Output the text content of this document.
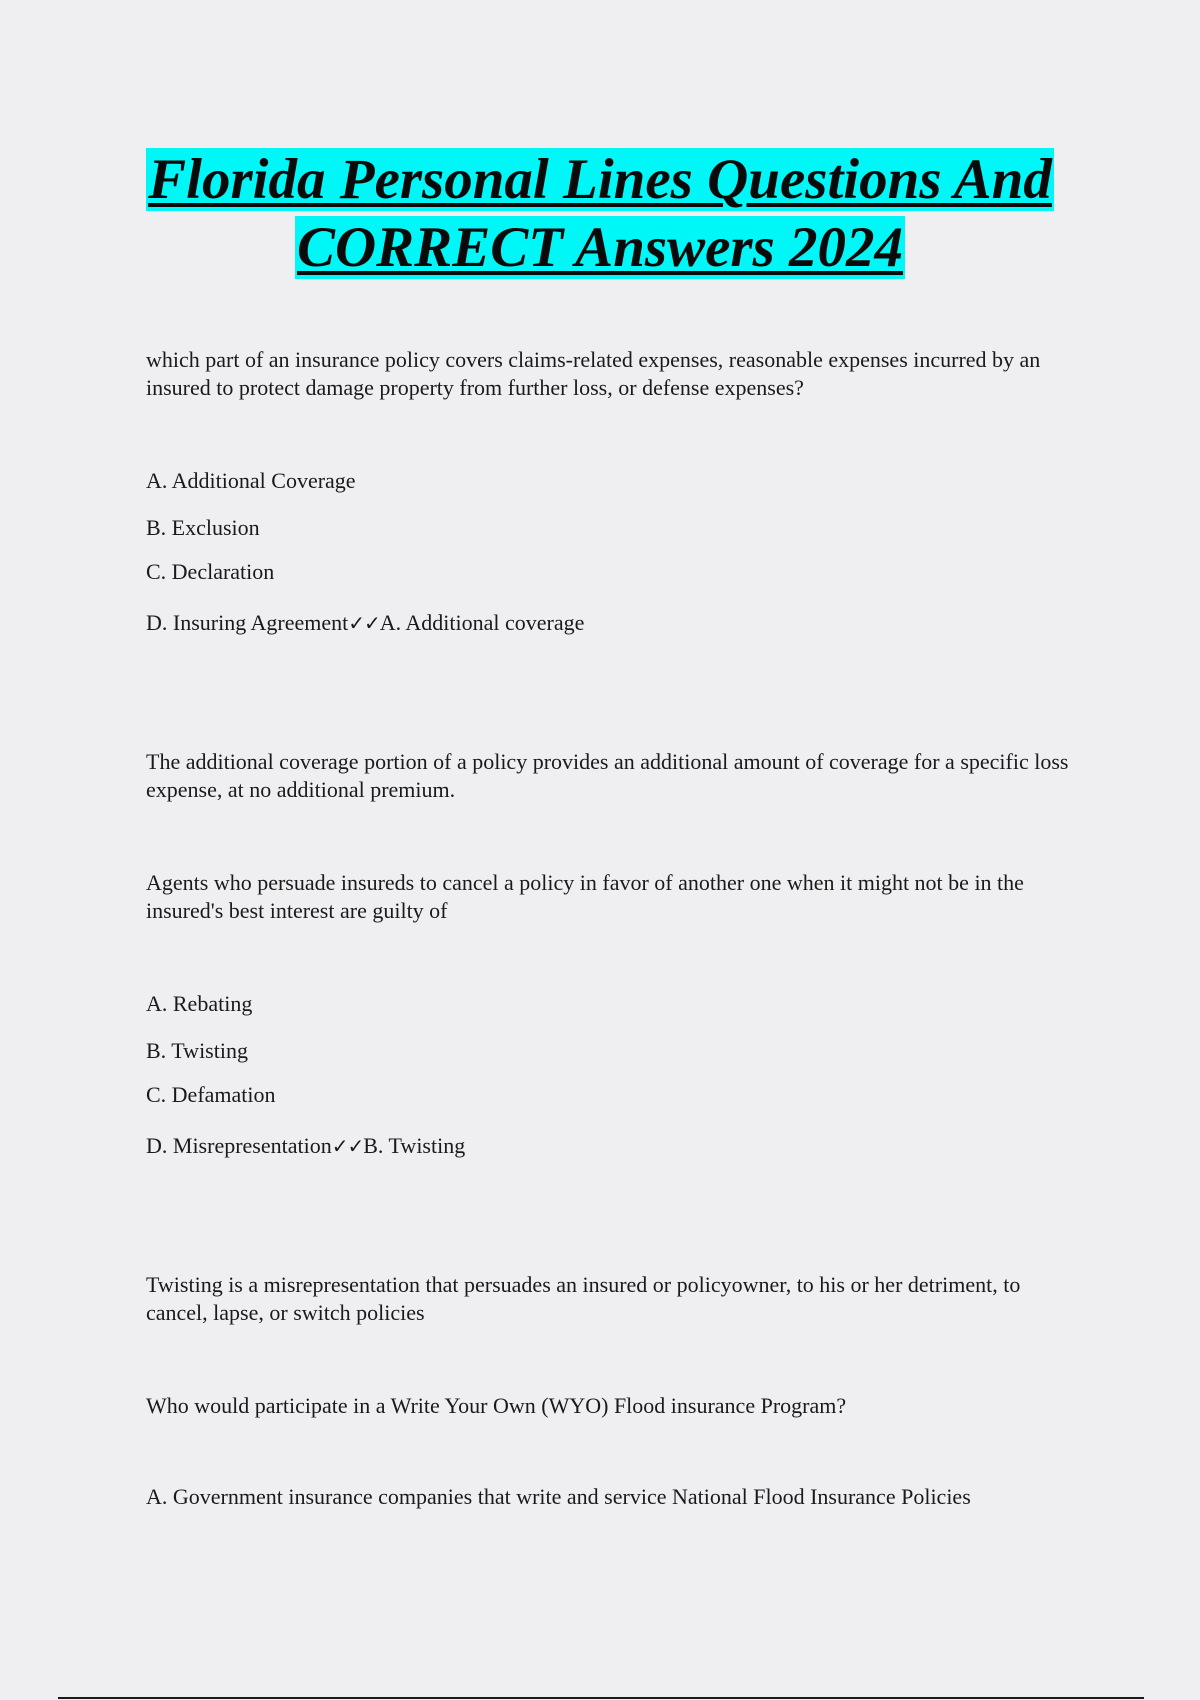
Florida Personal Lines Questions And
CORRECT Answers 2024

which part of an insurance policy covers claims-related expenses, reasonable expenses incurred by an insured to protect damage property from further loss, or defense expenses?

A. Additional Coverage

B. Exclusion

C. Declaration

D. Insuring Agreement✓✓A. Additional coverage

The additional coverage portion of a policy provides an additional amount of coverage for a specific loss expense, at no additional premium.

Agents who persuade insureds to cancel a policy in favor of another one when it might not be in the insured's best interest are guilty of

A. Rebating

B. Twisting

C. Defamation

D. Misrepresentation✓✓B. Twisting

Twisting is a misrepresentation that persuades an insured or policyowner, to his or her detriment, to cancel, lapse, or switch policies

Who would participate in a Write Your Own (WYO) Flood insurance Program?

A. Government insurance companies that write and service National Flood Insurance Policies
